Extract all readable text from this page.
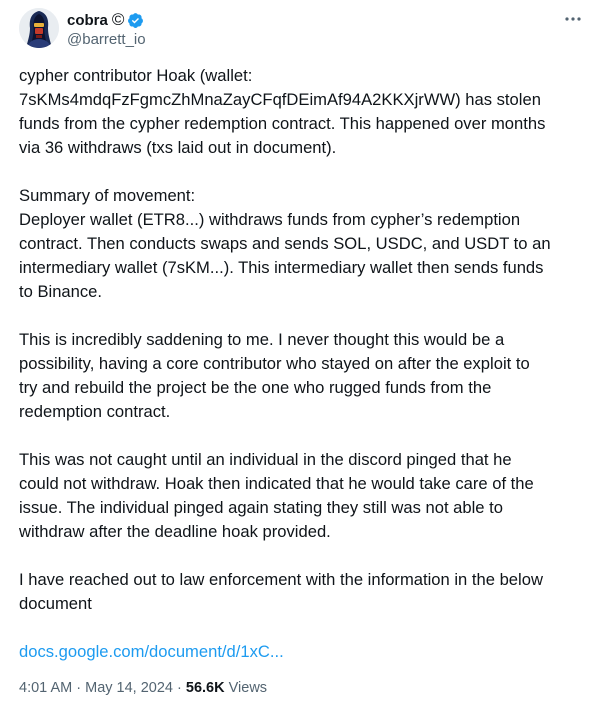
cobra ©
@barrett_io

cypher contributor Hoak (wallet:

7sKMs4mdqFzFgmcZhMnaZayCFqfDEimAf94A2KKXjrWW) has stolen

funds from the cypher redemption contract. This happened over months

via 36 withdraws (txs laid out in document).

Summary of movement:

Deployer wallet (ETR8...) withdraws funds from cypher’s redemption

contract. Then conducts swaps and sends SOL, USDC, and USDT to an

intermediary wallet (7sKM...). This intermediary wallet then sends funds

to Binance.

This is incredibly saddening to me. I never thought this would be a

possibility, having a core contributor who stayed on after the exploit to

try and rebuild the project be the one who rugged funds from the

redemption contract.

This was not caught until an individual in the discord pinged that he

could not withdraw. Hoak then indicated that he would take care of the

issue. The individual pinged again stating they still was not able to

withdraw after the deadline hoak provided.

I have reached out to law enforcement with the information in the below

document

docs.google.com/document/d/1xC...
4:01 AM · May 14, 2024 · 56.6K Views
